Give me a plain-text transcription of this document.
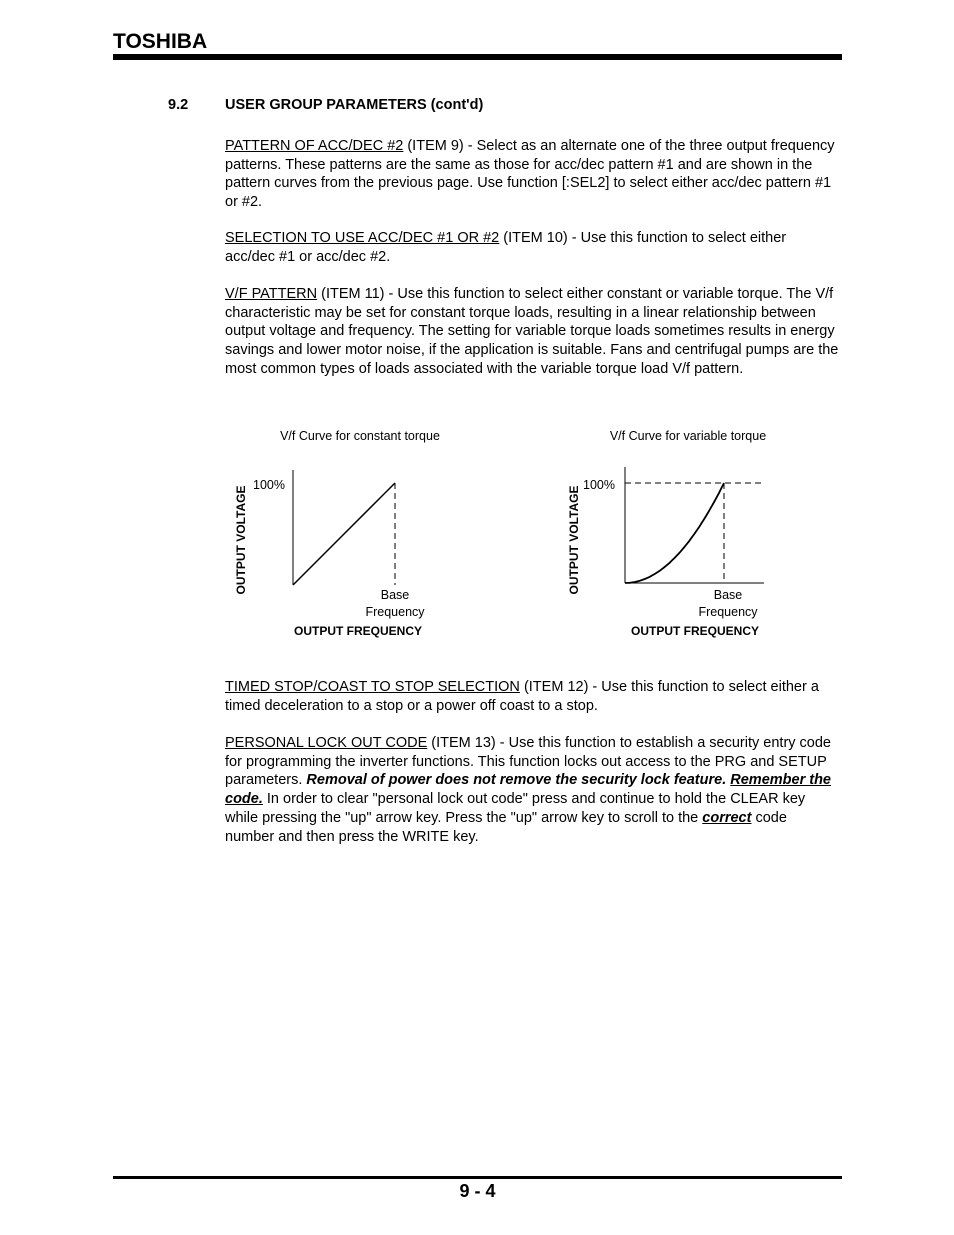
TOSHIBA
9.2	USER GROUP PARAMETERS (cont'd)
PATTERN OF ACC/DEC #2 (ITEM 9) - Select as an alternate one of the three output frequency patterns. These patterns are the same as those for acc/dec pattern #1 and are shown in the pattern curves from the previous page. Use function [:SEL2] to select either acc/dec pattern #1 or #2.
SELECTION TO USE ACC/DEC #1 OR #2 (ITEM 10) - Use this function to select either acc/dec #1 or acc/dec #2.
V/F PATTERN (ITEM 11) - Use this function to select either constant or variable torque. The V/f characteristic may be set for constant torque loads, resulting in a linear relationship between output voltage and frequency. The setting for variable torque loads sometimes results in energy savings and lower motor noise, if the application is suitable. Fans and centrifugal pumps are the most common types of loads associated with the variable torque load V/f pattern.
V/f Curve for constant torque
OUTPUT VOLTAGE
100%
Base
Frequency
OUTPUT FREQUENCY
V/f Curve for variable torque
OUTPUT VOLTAGE
100%
Base
Frequency
OUTPUT FREQUENCY
TIMED STOP/COAST TO STOP SELECTION (ITEM 12) - Use this function to select either a timed deceleration to a stop or a power off coast to a stop.
PERSONAL LOCK OUT CODE (ITEM 13) - Use this function to establish a security entry code for programming the inverter functions. This function locks out access to the PRG and SETUP parameters. Removal of power does not remove the security lock feature. Remember the code. In order to clear "personal lock out code" press and continue to hold the CLEAR key while pressing the "up" arrow key. Press the "up" arrow key to scroll to the correct code number and then press the WRITE key.
9 - 4
